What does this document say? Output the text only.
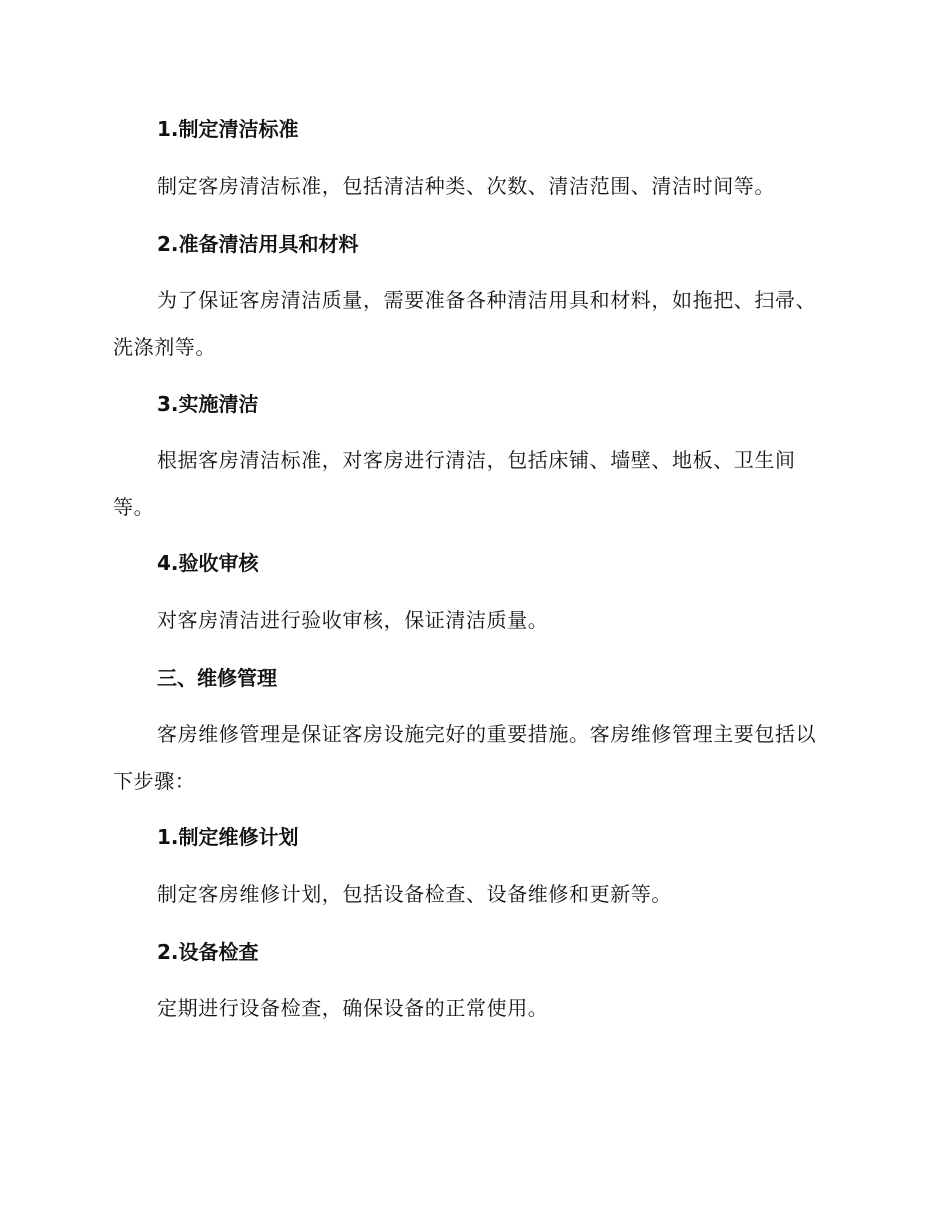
1.制定清洁标准
制定客房清洁标准，包括清洁种类、次数、清洁范围、清洁时间等。
2.准备清洁用具和材料
为了保证客房清洁质量，需要准备各种清洁用具和材料，如拖把、扫帚、洗涤剂等。
3.实施清洁
根据客房清洁标准，对客房进行清洁，包括床铺、墙壁、地板、卫生间等。
4.验收审核
对客房清洁进行验收审核，保证清洁质量。
三、维修管理
客房维修管理是保证客房设施完好的重要措施。客房维修管理主要包括以下步骤：
1.制定维修计划
制定客房维修计划，包括设备检查、设备维修和更新等。
2.设备检查
定期进行设备检查，确保设备的正常使用。
